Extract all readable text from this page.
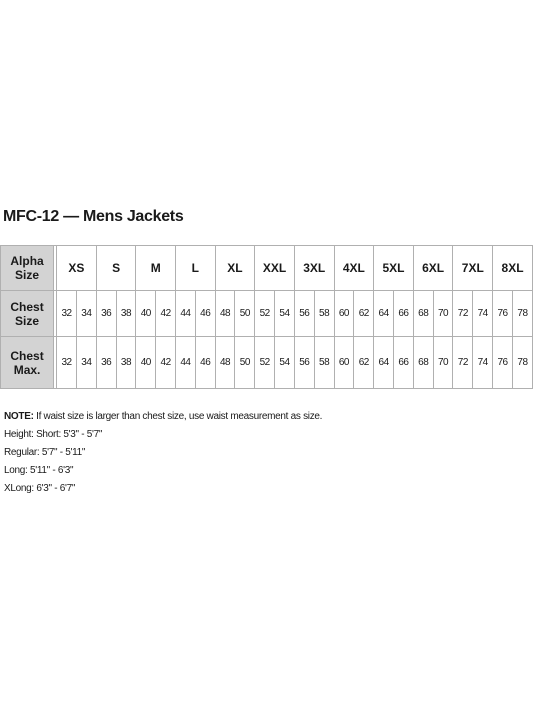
MFC-12 — Mens Jackets
Alpha
Size		XS		S		M		L		XL		XXL		3XL		4XL		5XL		6XL		7XL		8XL	
Chest
Size		32	34	36	38	40	42	44	46	48	50	52	54	56	58	60	62	64	66	68	70	72	74	76	78
Chest
Max.		32	34	36	38	40	42	44	46	48	50	52	54	56	58	60	62	64	66	68	70	72	74	76	78
NOTE: If waist size is larger than chest size, use waist measurement as size.
Height: Short: 5'3" - 5'7"
Regular: 5'7" - 5'11"
Long: 5'11" - 6'3"
XLong: 6'3" - 6'7"
